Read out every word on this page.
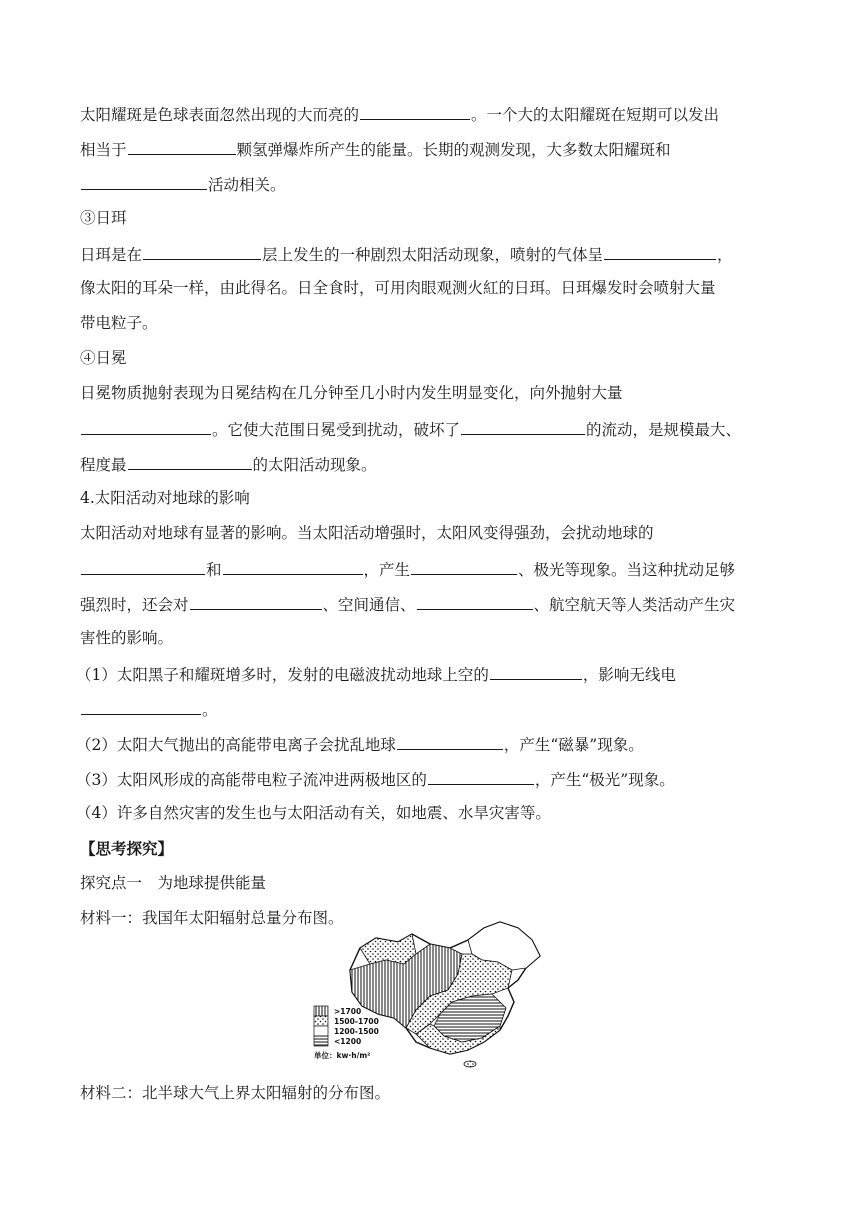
太阳耀斑是色球表面忽然出现的大而亮的	。一个大的太阳耀斑在短期可以发出
相当于	颗氢弹爆炸所产生的能量。长期的观测发现，大多数太阳耀斑和
活动相关。
③日珥
日珥是在	层上发生的一种剧烈太阳活动现象，喷射的气体呈	，
像太阳的耳朵一样，由此得名。日全食时，可用肉眼观测火紅的日珥。日珥爆发时会喷射大量
带电粒子。
④日冕
日冕物质抛射表现为日冕结构在几分钟至几小时内发生明显变化，向外抛射大量
。它使大范围日冕受到扰动，破坏了	的流动，是规模最大、
程度最	的太阳活动现象。
4.太阳活动对地球的影响
太阳活动对地球有显著的影响。当太阳活动增强时，太阳风变得强劲，会扰动地球的
和	，产生	、极光等现象。当这种扰动足够
强烈时，还会对	、空间通信、	、航空航天等人类活动产生灾
害性的影响。
（1）太阳黑子和耀斑增多时，发射的电磁波扰动地球上空的	，影响无线电
。
（2）太阳大气抛出的高能带电离子会扰乱地球	，产生“磁暴”现象。
（3）太阳风形成的高能带电粒子流冲进两极地区的	，产生“极光”现象。
（4）许多自然灾害的发生也与太阳活动有关，如地震、水旱灾害等。
【思考探究】
探究点一　为地球提供能量
材料一：我国年太阳辐射总量分布图。
>1700
1500-1700
1200-1500
<1200
单位：kw·h/m²
材料二：北半球大气上界太阳辐射的分布图。
